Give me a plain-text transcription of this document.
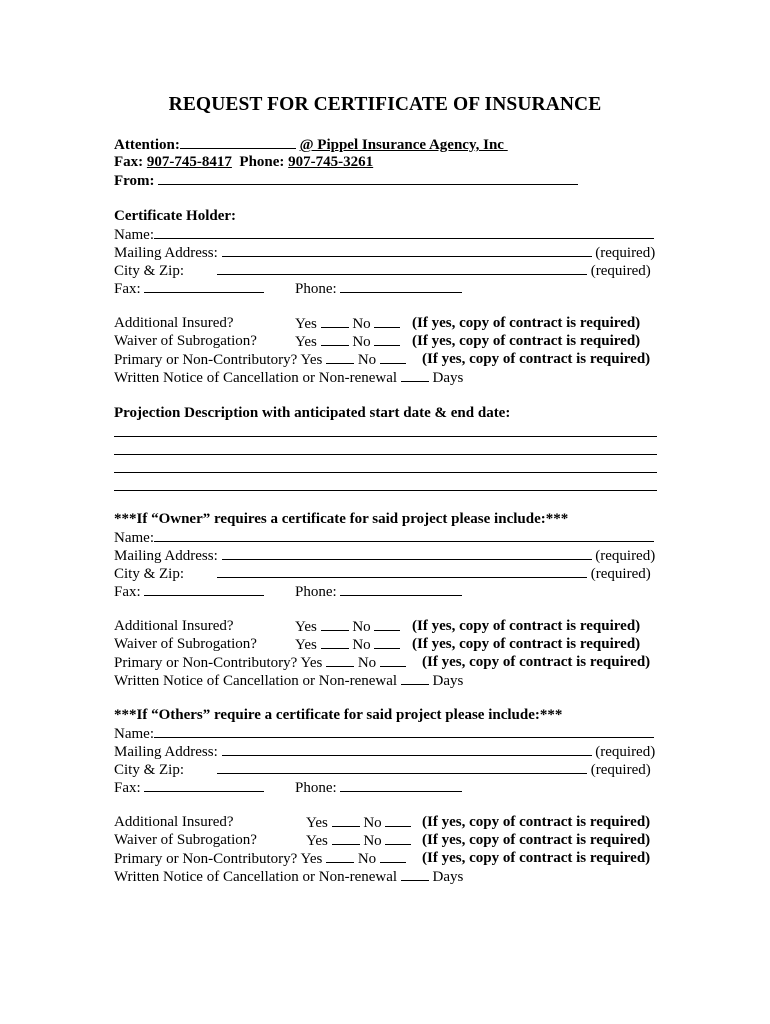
REQUEST FOR CERTIFICATE OF INSURANCE
Attention:	@ Pippel Insurance Agency, Inc
Fax: 907-745-8417 Phone: 907-745-3261
From:
Certificate Holder:
Name:
Mailing Address:	(required)
City & Zip:	(required)
Fax:	Phone:
Additional Insured?	Yes No	(If yes, copy of contract is required)
Waiver of Subrogation?	Yes No	(If yes, copy of contract is required)
Primary or Non-Contributory? Yes No	(If yes, copy of contract is required)
Written Notice of Cancellation or Non-renewal Days
Projection Description with anticipated start date & end date:
***If “Owner” requires a certificate for said project please include:***
Name:
Mailing Address:	(required)
City & Zip:	(required)
Fax:	Phone:
Additional Insured?	Yes No	(If yes, copy of contract is required)
Waiver of Subrogation?	Yes No	(If yes, copy of contract is required)
Primary or Non-Contributory? Yes No	(If yes, copy of contract is required)
Written Notice of Cancellation or Non-renewal Days
***If “Others” require a certificate for said project please include:***
Name:
Mailing Address:	(required)
City & Zip:	(required)
Fax:	Phone:
Additional Insured?	Yes No	(If yes, copy of contract is required)
Waiver of Subrogation?	Yes No	(If yes, copy of contract is required)
Primary or Non-Contributory? Yes No	(If yes, copy of contract is required)
Written Notice of Cancellation or Non-renewal Days
